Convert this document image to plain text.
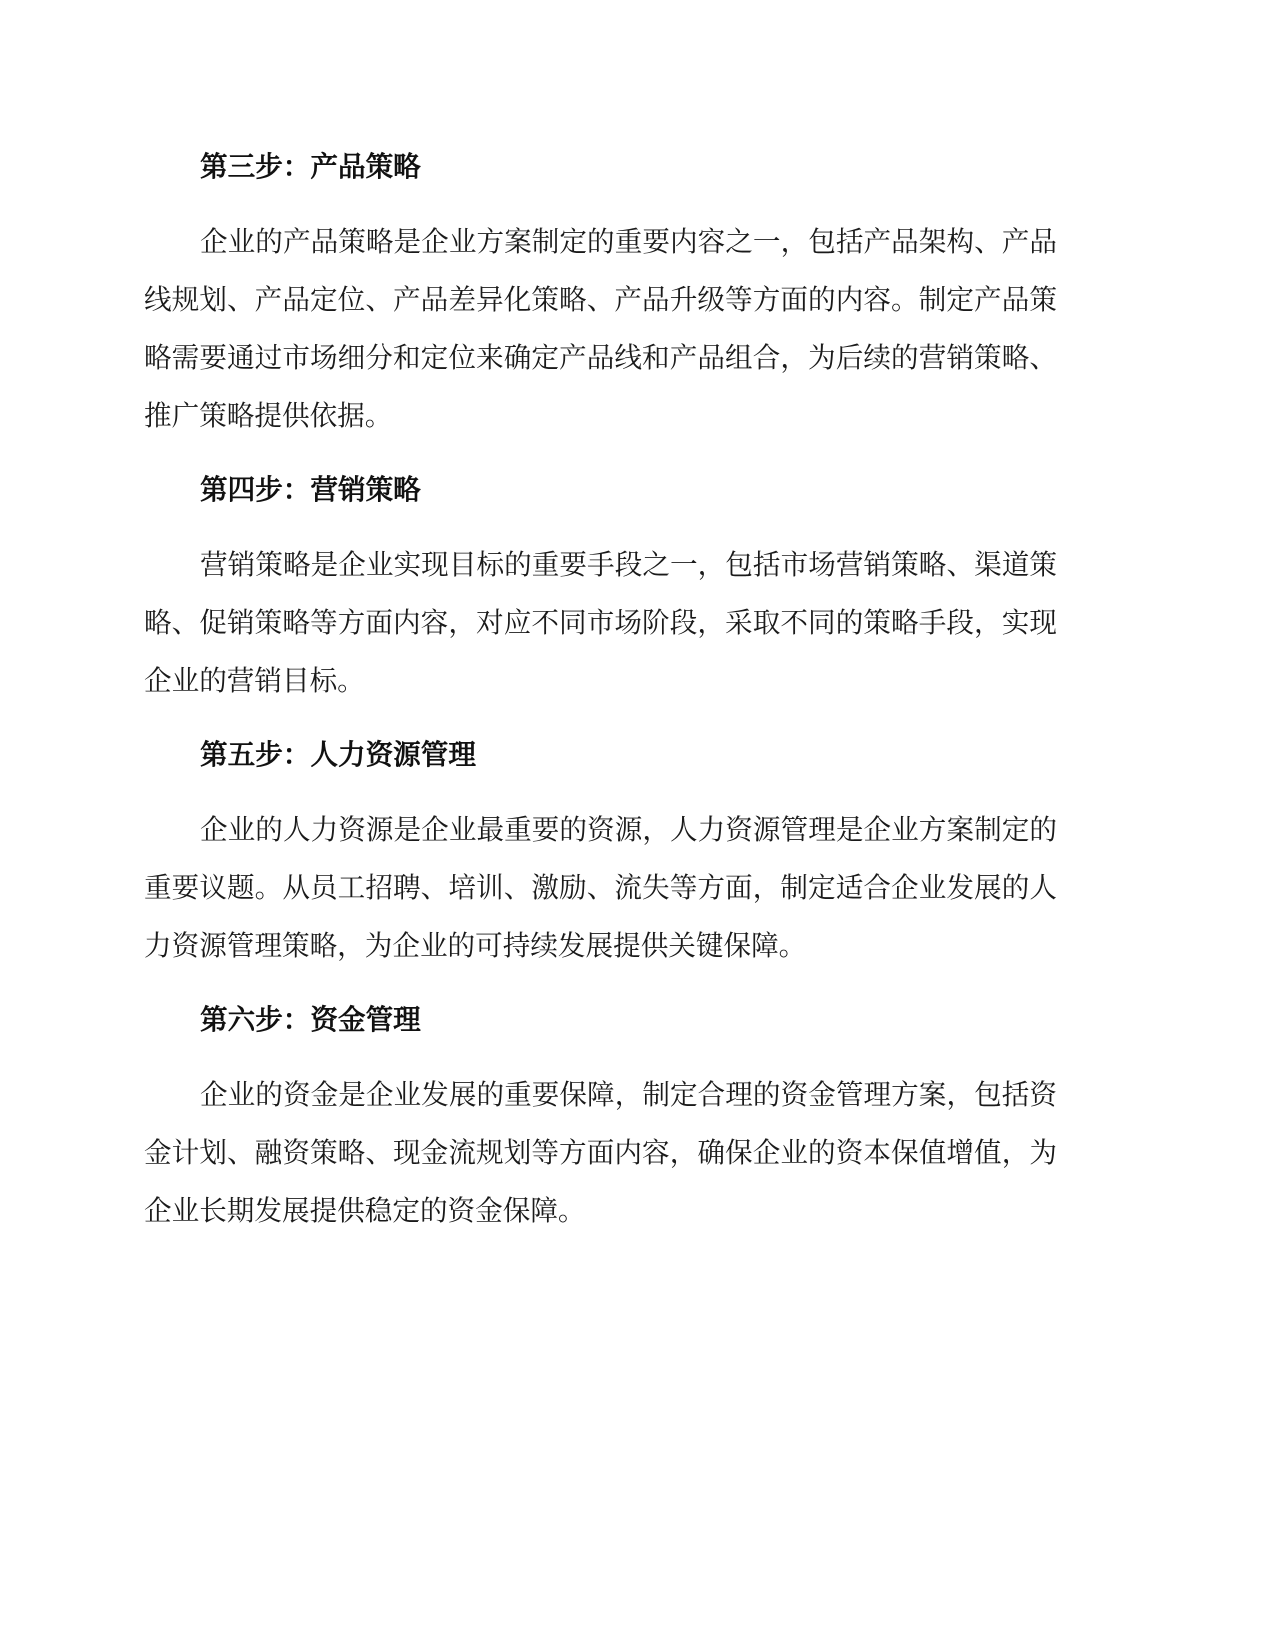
第三步：产品策略
企业的产品策略是企业方案制定的重要内容之一，包括产品架构、产品
线规划、产品定位、产品差异化策略、产品升级等方面的内容。制定产品策
略需要通过市场细分和定位来确定产品线和产品组合，为后续的营销策略、
推广策略提供依据。
第四步：营销策略
营销策略是企业实现目标的重要手段之一，包括市场营销策略、渠道策
略、促销策略等方面内容，对应不同市场阶段，采取不同的策略手段，实现
企业的营销目标。
第五步：人力资源管理
企业的人力资源是企业最重要的资源，人力资源管理是企业方案制定的
重要议题。从员工招聘、培训、激励、流失等方面，制定适合企业发展的人
力资源管理策略，为企业的可持续发展提供关键保障。
第六步：资金管理
企业的资金是企业发展的重要保障，制定合理的资金管理方案，包括资
金计划、融资策略、现金流规划等方面内容，确保企业的资本保值增值，为
企业长期发展提供稳定的资金保障。
